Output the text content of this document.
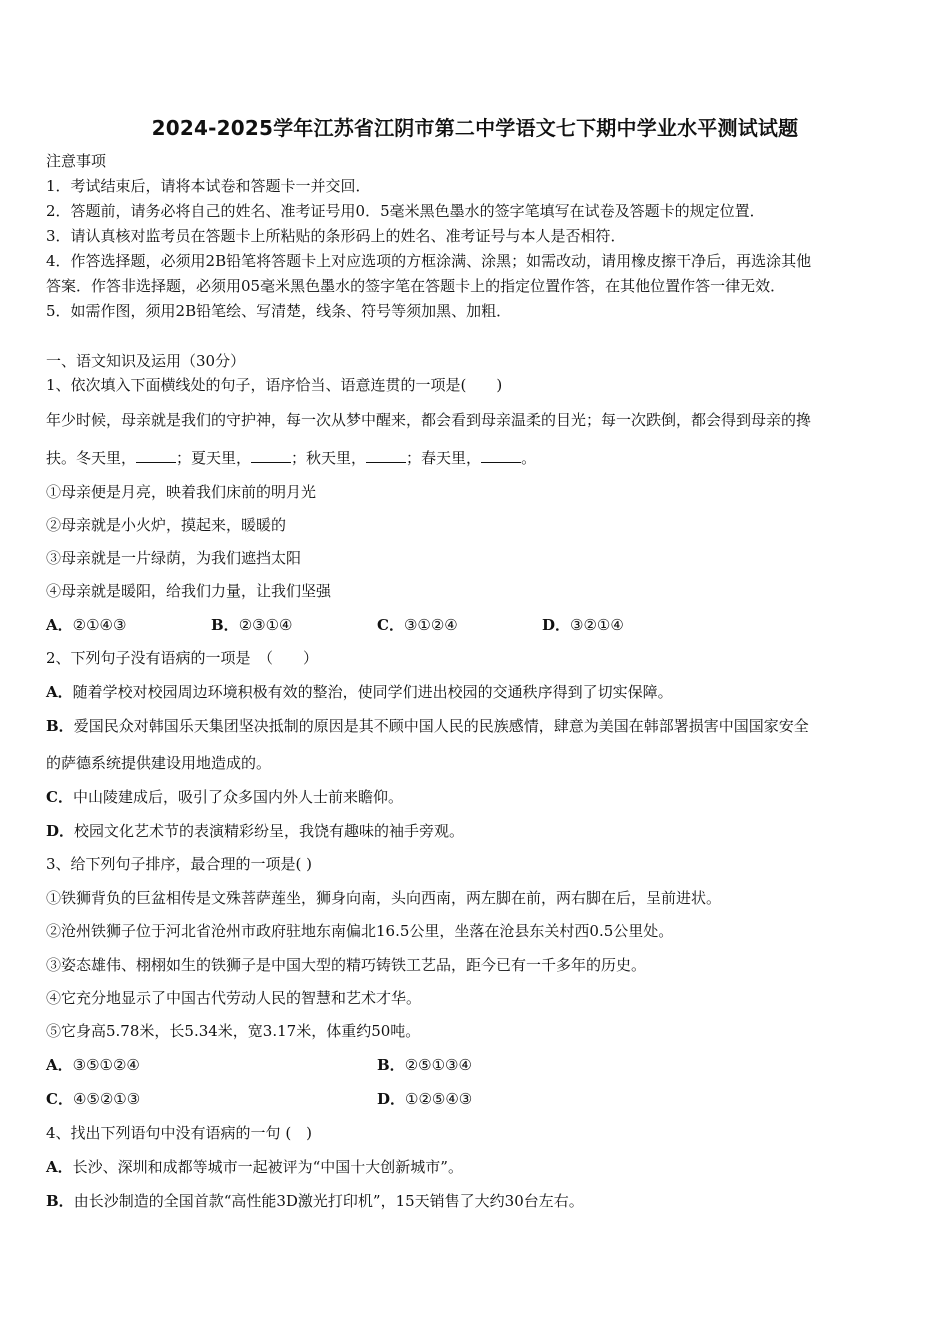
2024-2025学年江苏省江阴市第二中学语文七下期中学业水平测试试题
注意事项
1．考试结束后，请将本试卷和答题卡一并交回．
2．答题前，请务必将自己的姓名、准考证号用0．5毫米黑色墨水的签字笔填写在试卷及答题卡的规定位置．
3．请认真核对监考员在答题卡上所粘贴的条形码上的姓名、准考证号与本人是否相符．
4．作答选择题，必须用2B铅笔将答题卡上对应选项的方框涂满、涂黑；如需改动，请用橡皮擦干净后，再选涂其他
答案．作答非选择题，必须用05毫米黑色墨水的签字笔在答题卡上的指定位置作答，在其他位置作答一律无效．
5．如需作图，须用2B铅笔绘、写清楚，线条、符号等须加黑、加粗．
一、语文知识及运用（30分）
1、依次填入下面横线处的句子，语序恰当、语意连贯的一项是(　　)
年少时候，母亲就是我们的守护神，每一次从梦中醒来，都会看到母亲温柔的目光；每一次跌倒，都会得到母亲的搀
扶。冬天里，	；夏天里，	；秋天里，	；春天里，	。
①母亲便是月亮，映着我们床前的明月光
②母亲就是小火炉，摸起来，暖暖的
③母亲就是一片绿荫，为我们遮挡太阳
④母亲就是暖阳，给我们力量，让我们坚强
A．②①④③	B．②③①④	C．③①②④	D．③②①④
2、下列句子没有语病的一项是　（　　）
A．随着学校对校园周边环境积极有效的整治，使同学们进出校园的交通秩序得到了切实保障。
B．爱国民众对韩国乐天集团坚决抵制的原因是其不顾中国人民的民族感情，肆意为美国在韩部署损害中国国家安全
的萨德系统提供建设用地造成的。
C．中山陵建成后，吸引了众多国内外人士前来瞻仰。
D．校园文化艺术节的表演精彩纷呈，我饶有趣味的袖手旁观。
3、给下列句子排序，最合理的一项是( )
①铁狮背负的巨盆相传是文殊菩萨莲坐，狮身向南，头向西南，两左脚在前，两右脚在后，呈前进状。
②沧州铁狮子位于河北省沧州市政府驻地东南偏北16.5公里，坐落在沧县东关村西0.5公里处。
③姿态雄伟、栩栩如生的铁狮子是中国大型的精巧铸铁工艺品，距今已有一千多年的历史。
④它充分地显示了中国古代劳动人民的智慧和艺术才华。
⑤它身高5.78米，长5.34米，宽3.17米，体重约50吨。
A．③⑤①②④	B．②⑤①③④
C．④⑤②①③	D．①②⑤④③
4、找出下列语句中没有语病的一句 (　)
A．长沙、深圳和成都等城市一起被评为“中国十大创新城市”。
B．由长沙制造的全国首款“高性能3D激光打印机”，15天销售了大约30台左右。
